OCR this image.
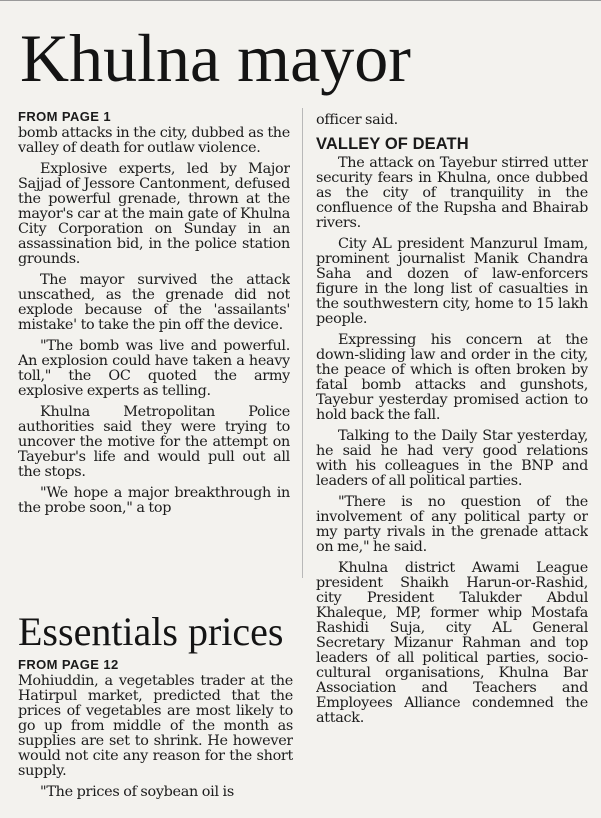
Khulna mayor

FROM PAGE 1

bomb attacks in the city, dubbed as the valley of death for outlaw violence.

Explosive experts, led by Major Sajjad of Jessore Cantonment, defused the powerful grenade, thrown at the mayor's car at the main gate of Khulna City Corporation on Sunday in an assassination bid, in the police station grounds.

The mayor survived the attack unscathed, as the grenade did not explode because of the 'assailants' mistake' to take the pin off the device.

"The bomb was live and powerful. An explosion could have taken a heavy toll," the OC quoted the army explosive experts as telling.

Khulna Metropolitan Police authorities said they were trying to uncover the motive for the attempt on Tayebur's life and would pull out all the stops.

"We hope a major breakthrough in the probe soon," a top

officer said.

VALLEY OF DEATH

The attack on Tayebur stirred utter security fears in Khulna, once dubbed as the city of tranquility in the confluence of the Rupsha and Bhairab rivers.

City AL president Manzurul Imam, prominent journalist Manik Chandra Saha and dozen of law-enforcers figure in the long list of casualties in the southwestern city, home to 15 lakh people.

Expressing his concern at the down-sliding law and order in the city, the peace of which is often broken by fatal bomb attacks and gunshots, Tayebur yesterday promised action to hold back the fall.

Talking to the Daily Star yesterday, he said he had very good relations with his colleagues in the BNP and leaders of all political parties.

"There is no question of the involvement of any political party or my party rivals in the grenade attack on me," he said.

Khulna district Awami League president Shaikh Harun-or-Rashid, city President Talukder Abdul Khaleque, MP, former whip Mostafa Rashidi Suja, city AL General Secretary Mizanur Rahman and top leaders of all political parties, socio-cultural organisations, Khulna Bar Association and Teachers and Employees Alliance condemned the attack.

Essentials prices

FROM PAGE 12

Mohiuddin, a vegetables trader at the Hatirpul market, predicted that the prices of vegetables are most likely to go up from middle of the month as supplies are set to shrink. He however would not cite any reason for the short supply.

"The prices of soybean oil is
